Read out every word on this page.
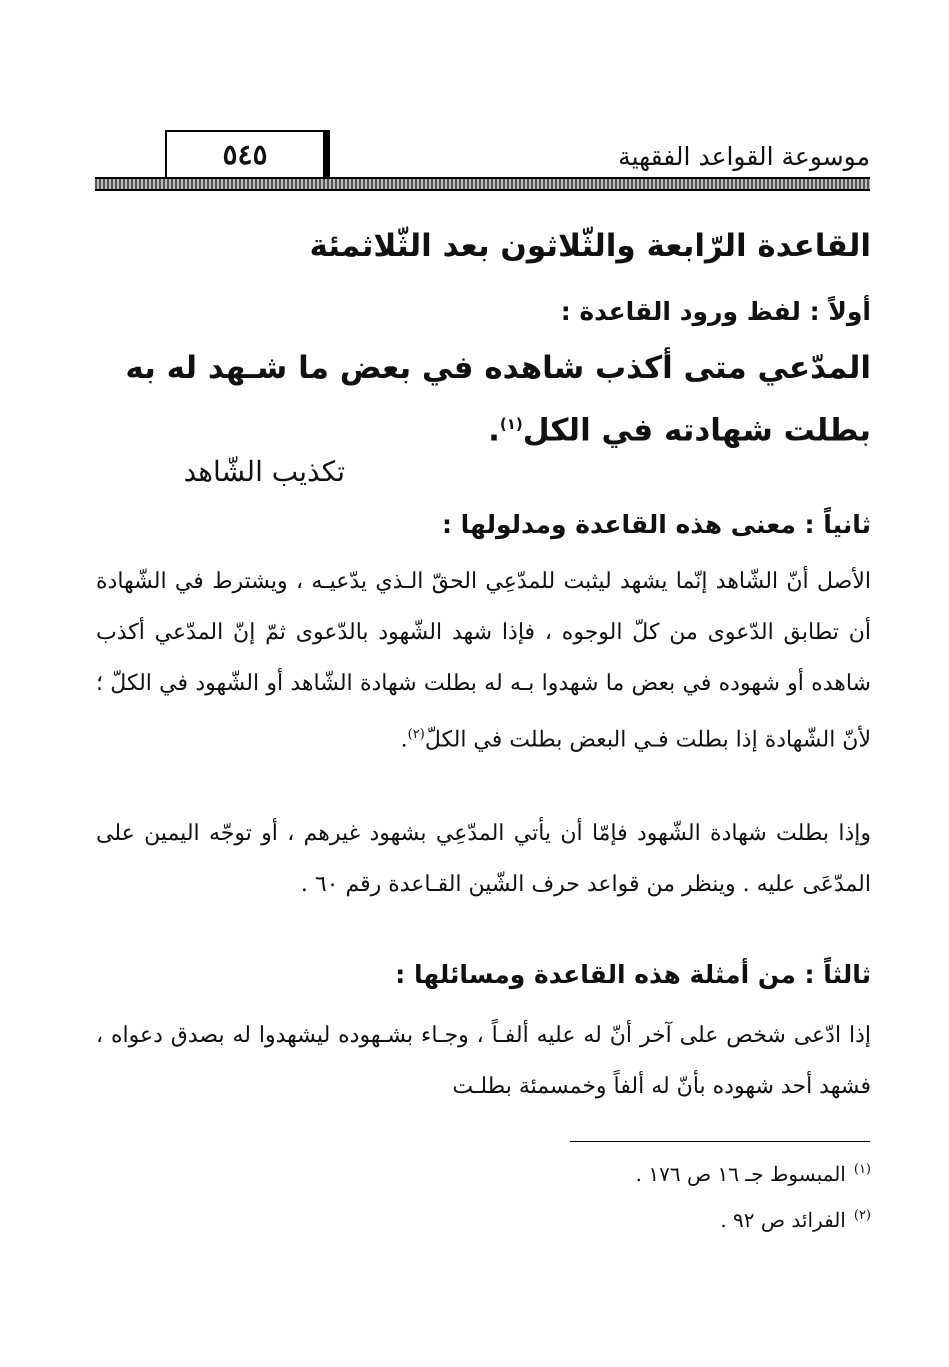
٥٤٥	موسوعة القواعد الفقهية
القاعدة الرّابعة والثّلاثون بعد الثّلاثمئة
أولاً : لفظ ورود القاعدة :
المدّعي متى أكذب شاهده في بعض ما شـهد له به
بطلت شهادته في الكل$^{(١)}$.
تكذيب الشّاهد
ثانياً : معنى هذه القاعدة ومدلولها :
الأصل أنّ الشّاهد إنّما يشهد ليثبت للمدّعِي الحقّ الـذي يدّعيـه ، ويشترط في الشّهادة أن تطابق الدّعوى من كلّ الوجوه ، فإذا شهد الشّهود بالدّعوى ثمّ إنّ المدّعي أكذب شاهده أو شهوده في بعض ما شهدوا بـه له بطلت شهادة الشّاهد أو الشّهود في الكلّ ؛ لأنّ الشّهادة إذا بطلت فـي البعض بطلت في الكلّ$^{(٢)}$.
وإذا بطلت شهادة الشّهود فإمّا أن يأتي المدّعِي بشهود غيرهم ، أو توجّه اليمين على المدّعَى عليه . وينظر من قواعد حرف الشّين القـاعدة رقم ٦٠ .
ثالثاً : من أمثلة هذه القاعدة ومسائلها :
إذا ادّعى شخص على آخر أنّ له عليه ألفـاً ، وجـاء بشـهوده ليشهدوا له بصدق دعواه ، فشهد أحد شهوده بأنّ له ألفاً وخمسمئة بطلـت
$^{(١)}$المبسوط جـ ١٦ ص ١٧٦ .
$^{(٢)}$الفرائد ص ٩٢ .
